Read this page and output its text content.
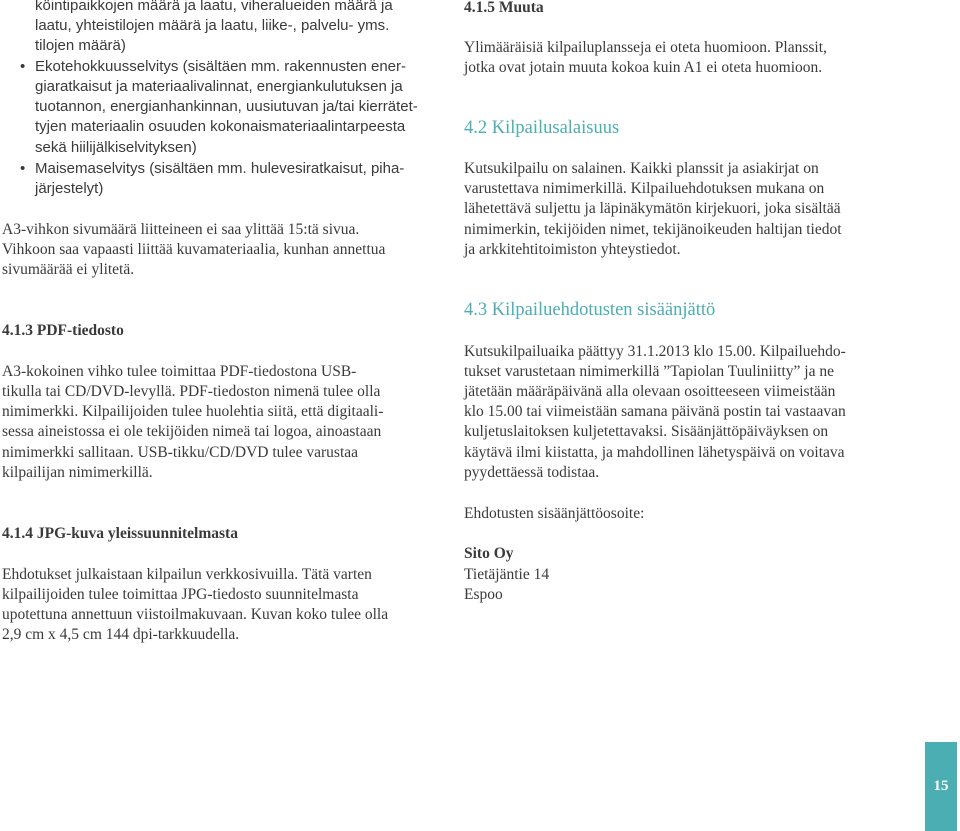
köintipaikkojen määrä ja laatu, viheralueiden määrä ja

laatu, yhteistilojen määrä ja laatu, liike-, palvelu- yms.

tilojen määrä)

• Ekotehokkuusselvitys (sisältäen mm. rakennusten ener-

giaratkaisut ja materiaalivalinnat, energiankulutuksen ja

tuotannon, energianhankinnan, uusiutuvan ja/tai kierrätet-

tyjen materiaalin osuuden kokonaismateriaalintarpeesta

sekä hiilijälkiselvityksen)

• Maisemaselvitys (sisältäen mm. hulevesiratkaisut, piha-

järjestelyt)

A3-vihkon sivumäärä liitteineen ei saa ylittää 15:tä sivua.

Vihkoon saa vapaasti liittää kuvamateriaalia, kunhan annettua

sivumäärää ei ylitetä.

4.1.3 PDF-tiedosto

A3-kokoinen vihko tulee toimittaa PDF-tiedostona USB-

tikulla tai CD/DVD-levyllä. PDF-tiedoston nimenä tulee olla

nimimerkki. Kilpailijoiden tulee huolehtia siitä, että digitaali-

sessa aineistossa ei ole tekijöiden nimeä tai logoa, ainoastaan

nimimerkki sallitaan. USB-tikku/CD/DVD tulee varustaa

kilpailijan nimimerkillä.

4.1.4 JPG-kuva yleissuunnitelmasta

Ehdotukset julkaistaan kilpailun verkkosivuilla. Tätä varten

kilpailijoiden tulee toimittaa JPG-tiedosto suunnitelmasta

upotettuna annettuun viistoilmakuvaan. Kuvan koko tulee olla

2,9 cm x 4,5 cm 144 dpi-tarkkuudella.

4.1.5 Muuta

Ylimääräisiä kilpailuplansseja ei oteta huomioon. Planssit,

jotka ovat jotain muuta kokoa kuin A1 ei oteta huomioon.

4.2 Kilpailusalaisuus

Kutsukilpailu on salainen. Kaikki planssit ja asiakirjat on

varustettava nimimerkillä. Kilpailuehdotuksen mukana on

lähetettävä suljettu ja läpinäkymätön kirjekuori, joka sisältää

nimimerkin, tekijöiden nimet, tekijänoikeuden haltijan tiedot

ja arkkitehtitoimiston yhteystiedot.

4.3 Kilpailuehdotusten sisäänjättö

Kutsukilpailuaika päättyy 31.1.2013 klo 15.00. Kilpailuehdo-

tukset varustetaan nimimerkillä ”Tapiolan Tuuliniitty” ja ne

jätetään määräpäivänä alla olevaan osoitteeseen viimeistään

klo 15.00 tai viimeistään samana päivänä postin tai vastaavan

kuljetuslaitoksen kuljetettavaksi. Sisäänjättöpäiväyksen on

käytävä ilmi kiistatta, ja mahdollinen lähetyspäivä on voitava

pyydettäessä todistaa.

Ehdotusten sisäänjättöosoite:

Sito Oy

Tietäjäntie 14

Espoo

15
